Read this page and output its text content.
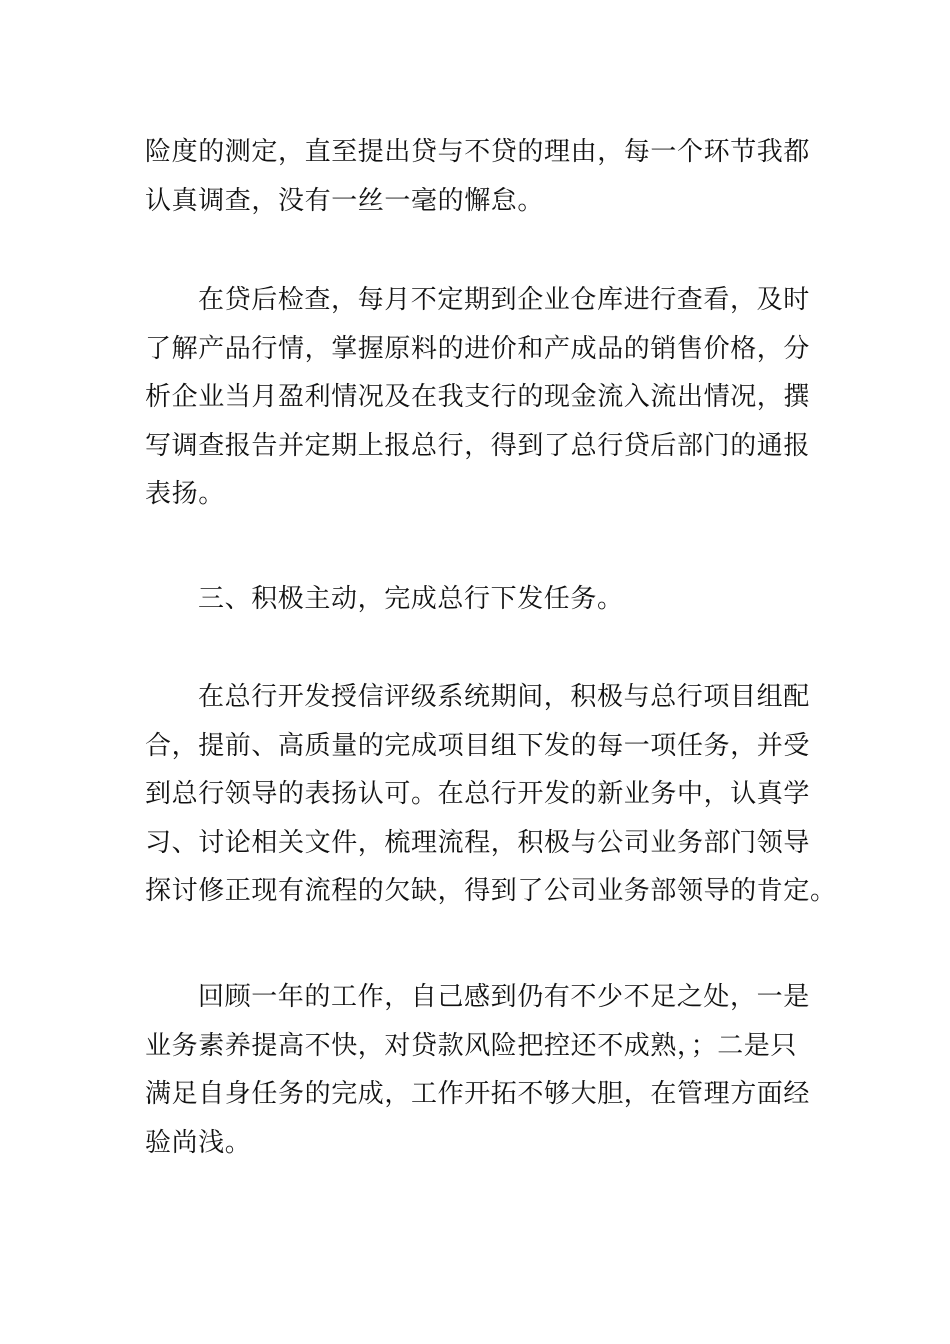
险度的测定，直至提出贷与不贷的理由，每一个环节我都
认真调查，没有一丝一毫的懈怠。

在贷后检查，每月不定期到企业仓库进行查看，及时
了解产品行情，掌握原料的进价和产成品的销售价格，分
析企业当月盈利情况及在我支行的现金流入流出情况，撰
写调查报告并定期上报总行，得到了总行贷后部门的通报
表扬。

三、积极主动，完成总行下发任务。

在总行开发授信评级系统期间，积极与总行项目组配
合，提前、高质量的完成项目组下发的每一项任务，并受
到总行领导的表扬认可。在总行开发的新业务中，认真学
习、讨论相关文件，梳理流程，积极与公司业务部门领导
探讨修正现有流程的欠缺，得到了公司业务部领导的肯定。

回顾一年的工作，自己感到仍有不少不足之处，一是
业务素养提高不快，对贷款风险把控还不成熟，；二是只
满足自身任务的完成，工作开拓不够大胆，在管理方面经
验尚浅。
